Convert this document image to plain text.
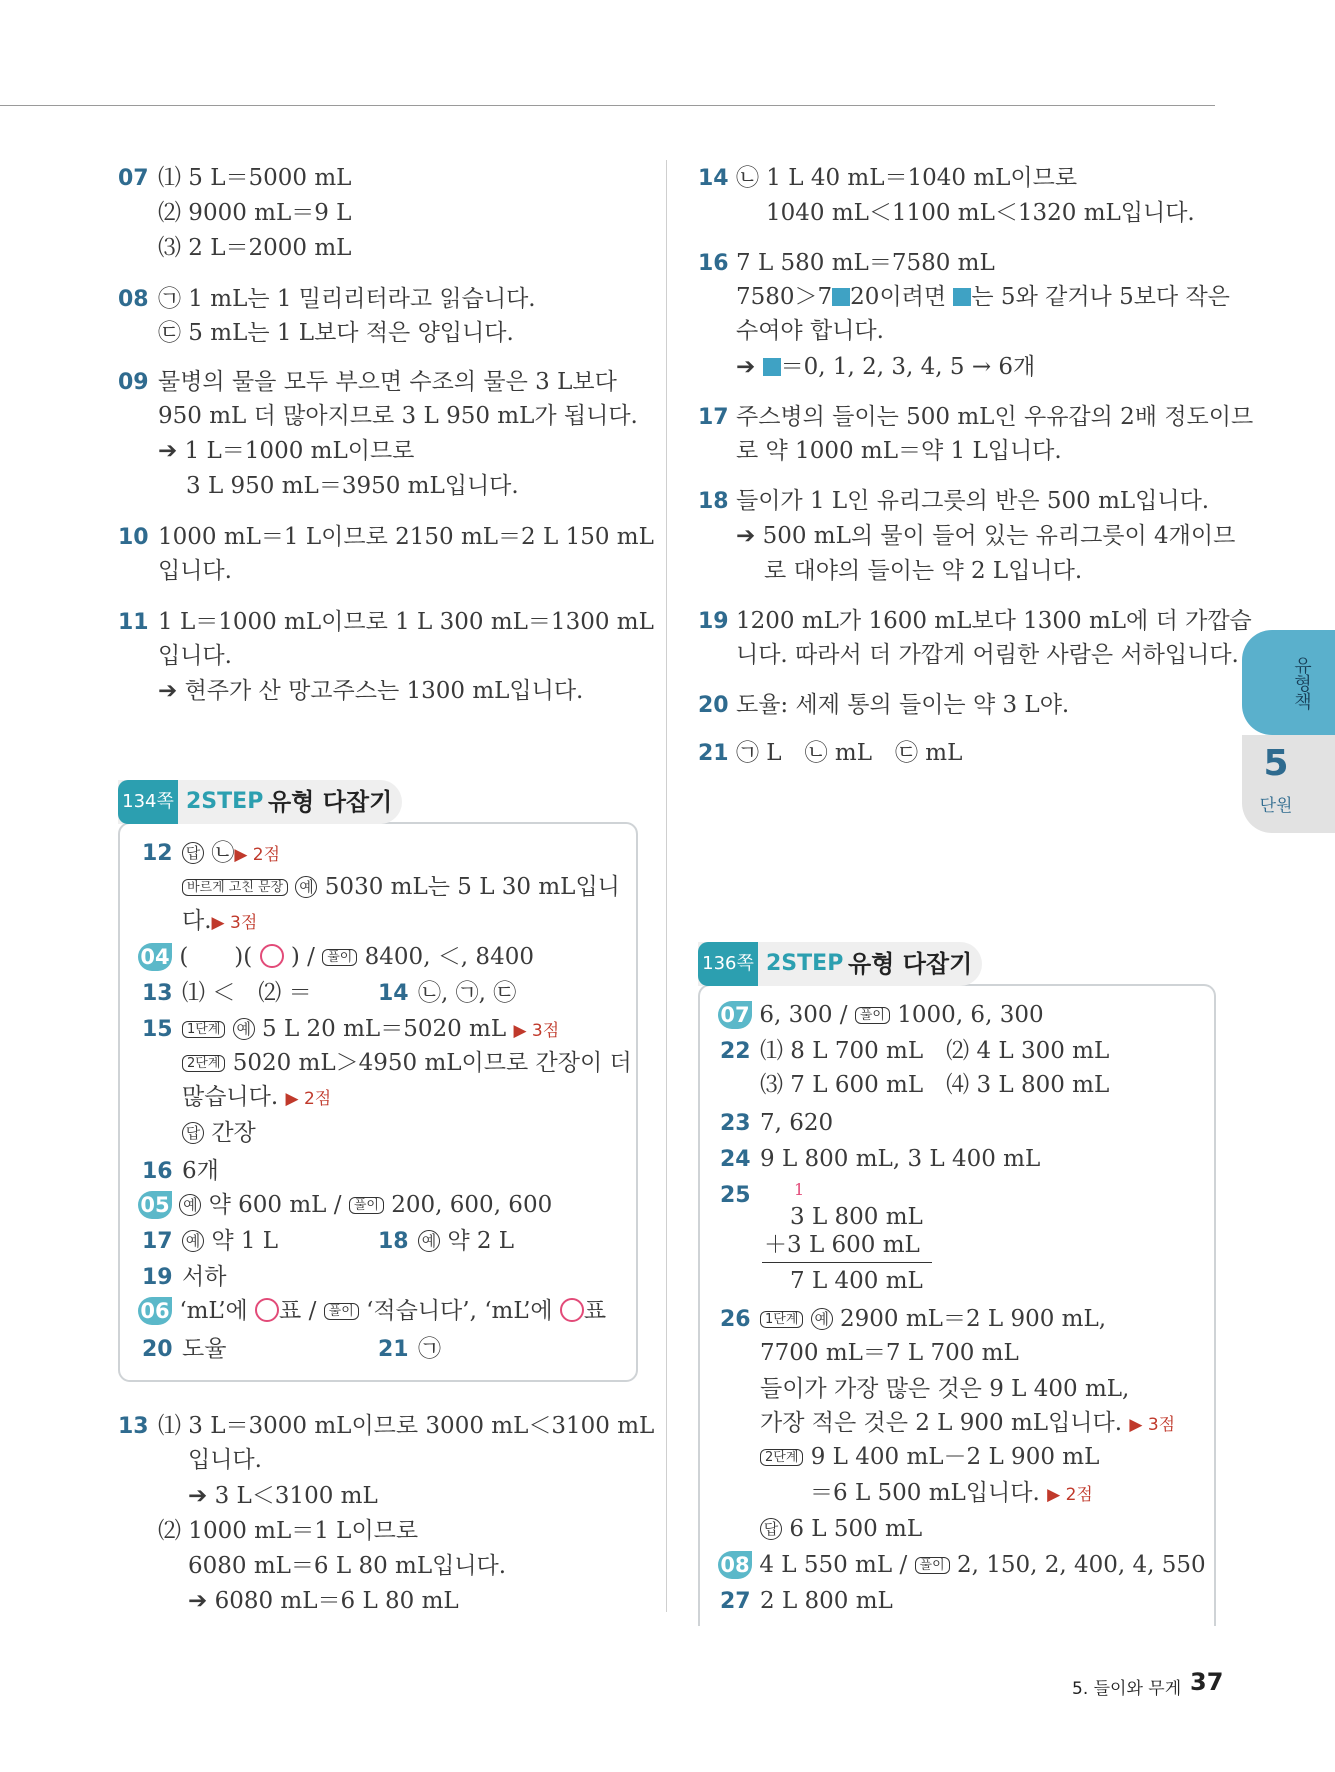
07 ⑴ 5 L＝5000 mL
⑵ 9000 mL＝9 L
⑶ 2 L＝2000 mL
08 ㉠ 1 mL는 1 밀리리터라고 읽습니다.
㉢ 5 mL는 1 L보다 적은 양입니다.
09 물병의 물을 모두 부으면 수조의 물은 3 L보다
950 mL 더 많아지므로 3 L 950 mL가 됩니다.
➔ 1 L＝1000 mL이므로
3 L 950 mL＝3950 mL입니다.
10 1000 mL＝1 L이므로 2150 mL＝2 L 150 mL
입니다.
11 1 L＝1000 mL이므로 1 L 300 mL＝1300 mL
입니다.
➔ 현주가 산 망고주스는 1300 mL입니다.
134쪽 2STEP 유형 다잡기
12 답 ㉡▶ 2점
바르게 고친 문장 예 5030 mL는 5 L 30 mL입니
다.▶ 3점
04 (　　)( ○ ) / 풀이 8400, ＜, 8400
13 ⑴ ＜　⑵ ＝	14 ㉡, ㉠, ㉢
15	1단계 예 5 L 20 mL＝5020 mL ▶ 3점
2단계 5020 mL＞4950 mL이므로 간장이 더
많습니다. ▶ 2점
답 간장
16 6개
05 예 약 600 mL / 풀이 200, 600, 600
17 예 약 1 L	18 예 약 2 L
19 서하
06 ‘mL’에 ○표 / 풀이 ‘적습니다’, ‘mL’에 ○표
20 도율	21 ㉠
13 ⑴ 3 L＝3000 mL이므로 3000 mL＜3100 mL
입니다.
➔ 3 L＜3100 mL
⑵ 1000 mL＝1 L이므로
6080 mL＝6 L 80 mL입니다.
➔ 6080 mL＝6 L 80 mL
14 ㉡ 1 L 40 mL＝1040 mL이므로
1040 mL＜1100 mL＜1320 mL입니다.
16 7 L 580 mL＝7580 mL
7580＞7 20이려면 는 5와 같거나 5보다 작은
수여야 합니다.
➔ ＝0, 1, 2, 3, 4, 5 → 6개
17 주스병의 들이는 500 mL인 우유갑의 2배 정도이므
로 약 1000 mL＝약 1 L입니다.
18 들이가 1 L인 유리그릇의 반은 500 mL입니다.
➔ 500 mL의 물이 들어 있는 유리그릇이 4개이므
로 대야의 들이는 약 2 L입니다.
19 1200 mL가 1600 mL보다 1300 mL에 더 가깝습
니다. 따라서 더 가깝게 어림한 사람은 서하입니다.
20 도율: 세제 통의 들이는 약 3 L야.
21 ㉠ L　㉡ mL　㉢ mL
136쪽 2STEP 유형 다잡기
07 6, 300 / 풀이 1000, 6, 300
22 ⑴ 8 L 700 mL　⑵ 4 L 300 mL
⑶ 7 L 600 mL　⑷ 3 L 800 mL
23 7, 620
24 9 L 800 mL, 3 L 400 mL
25	1
3 L 800 mL
＋3 L 600 mL
7 L 400 mL
26	1단계 예 2900 mL＝2 L 900 mL,
7700 mL＝7 L 700 mL
들이가 가장 많은 것은 9 L 400 mL,
가장 적은 것은 2 L 900 mL입니다. ▶ 3점
2단계 9 L 400 mL－2 L 900 mL
＝6 L 500 mL입니다. ▶ 2점
답 6 L 500 mL
08 4 L 550 mL / 풀이 2, 150, 2, 400, 4, 550
27 2 L 800 mL
유형책
5
단원
5. 들이와 무게 37
